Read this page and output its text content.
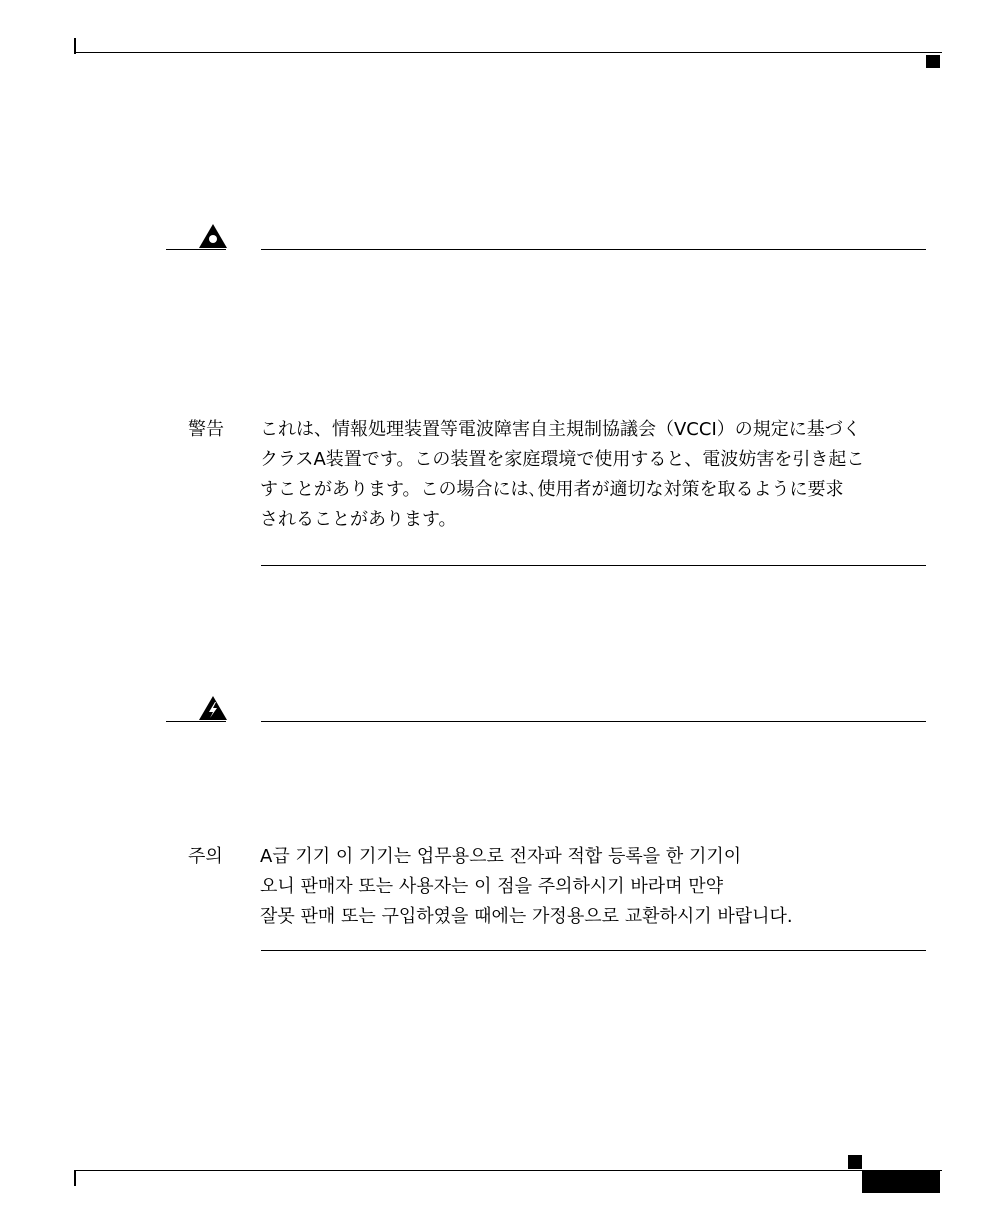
警告 これは、情報処理装置等電波障害自主規制協議会（VCCI）の規定に基づく
クラスA装置です。この装置を家庭環境で使用すると、電波妨害を引き起こ
すことがあります。この場合には､使用者が適切な対策を取るように要求
されることがあります。
주의 A급 기기 이 기기는 업무용으로 전자파 적합 등록을 한 기기이
오니 판매자 또는 사용자는 이 점을 주의하시기 바라며 만약
잘못 판매 또는 구입하였을 때에는 가정용으로 교환하시기 바랍니다.
